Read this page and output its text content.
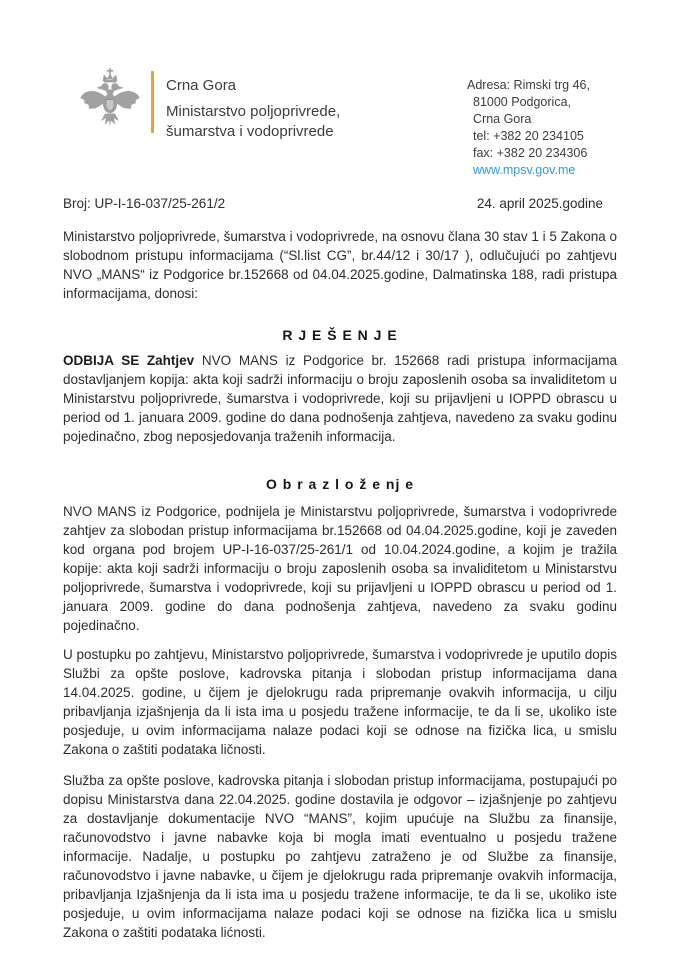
Crna Gora
Ministarstvo poljoprivrede,
šumarstva i vodoprivrede
Adresa: Rimski trg 46,
81000 Podgorica,
Crna Gora
tel: +382 20 234105
fax: +382 20 234306
www.mpsv.gov.me
Broj: UP-I-16-037/25-261/2	24. april 2025.godine

Ministarstvo poljoprivrede, šumarstva i vodoprivrede, na osnovu člana 30 stav 1 i 5 Zakona o slobodnom pristupu informacijama (“Sl.list CG”, br.44/12 i 30/17 ), odlučujući po zahtjevu NVO „MANS“ iz Podgorice br.152668 od 04.04.2025.godine, Dalmatinska 188, radi pristupa informacijama, donosi:

R J E Š E N J E

ODBIJA SE Zahtjev NVO MANS iz Podgorice br. 152668 radi pristupa informacijama dostavljanjem kopija: akta koji sadrži informaciju o broju zaposlenih osoba sa invaliditetom u Ministarstvu poljoprivrede, šumarstva i vodoprivrede, koji su prijavljeni u IOPPD obrascu u period od 1. januara 2009. godine do dana podnošenja zahtjeva, navedeno za svaku godinu pojedinačno, zbog neposjedovanja traženih informacija.

O b r a z l o ž e nj e

NVO MANS iz Podgorice, podnijela je Ministarstvu poljoprivrede, šumarstva i vodoprivrede zahtjev za slobodan pristup informacijama br.152668 od 04.04.2025.godine, koji je zaveden kod organa pod brojem UP-I-16-037/25-261/1 od 10.04.2024.godine, a kojim je tražila kopije: akta koji sadrži informaciju o broju zaposlenih osoba sa invaliditetom u Ministarstvu poljoprivrede, šumarstva i vodoprivrede, koji su prijavljeni u IOPPD obrascu u period od 1. januara 2009. godine do dana podnošenja zahtjeva, navedeno za svaku godinu pojedinačno.

U postupku po zahtjevu, Ministarstvo poljoprivrede, šumarstva i vodoprivrede je uputilo dopis Službi za opšte poslove, kadrovska pitanja i slobodan pristup informacijama dana 14.04.2025. godine, u čijem je djelokrugu rada pripremanje ovakvih informacija, u cilju pribavljanja izjašnjenja da li ista ima u posjedu tražene informacije, te da li se, ukoliko iste posjeduje, u ovim informacijama nalaze podaci koji se odnose na fizička lica, u smislu Zakona o zaštiti podataka ličnosti.

Služba za opšte poslove, kadrovska pitanja i slobodan pristup informacijama, postupajući po dopisu Ministarstva dana 22.04.2025. godine dostavila je odgovor – izjašnjenje po zahtjevu za dostavljanje dokumentacije NVO “MANS”, kojim upućuje na Službu za finansije, računovodstvo i javne nabavke koja bi mogla imati eventualno u posjedu tražene informacije. Nadalje, u postupku po zahtjevu zatraženo je od Službe za finansije, računovodstvo i javne nabavke, u čijem je djelokrugu rada pripremanje ovakvih informacija, pribavljanja Izjašnjenja da li ista ima u posjedu tražene informacije, te da li se, ukoliko iste posjeduje, u ovim informacijama nalaze podaci koji se odnose na fizička lica u smislu Zakona o zaštiti podataka lićnosti.
